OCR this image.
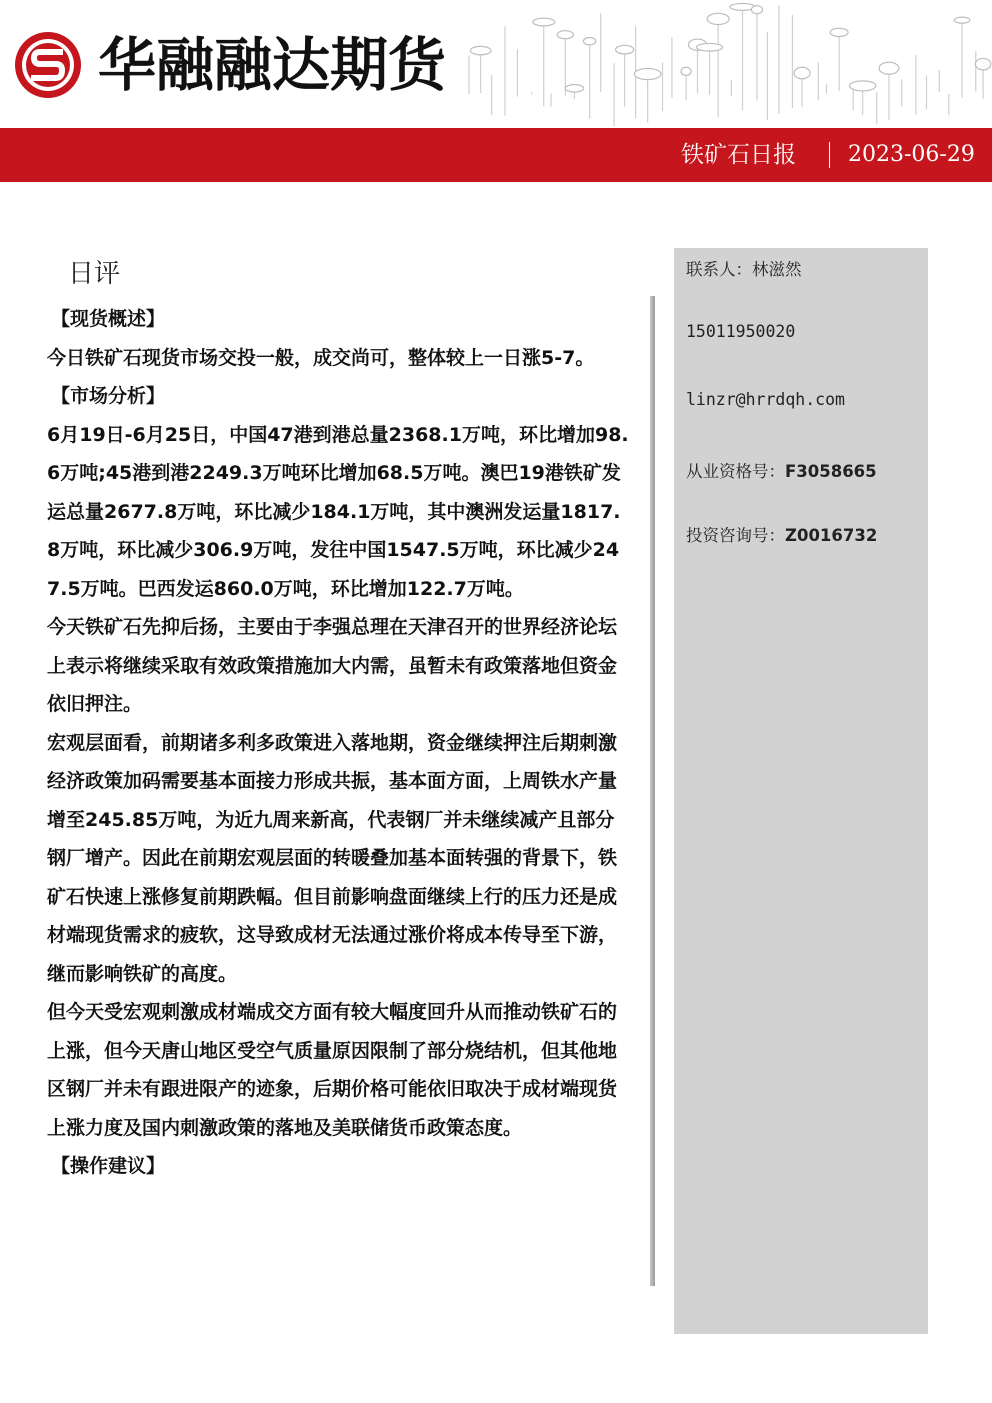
华融融达期货
铁矿石日报 2023-06-29
日评

【现货概述】

今日铁矿石现货市场交投一般，成交尚可，整体较上一日涨5-7。

【市场分析】

6月19日-6月25日，中国47港到港总量2368.1万吨，环比增加98.6万吨;45港到港2249.3万吨环比增加68.5万吨。澳巴19港铁矿发运总量2677.8万吨，环比减少184.1万吨，其中澳洲发运量1817.8万吨，环比减少306.9万吨，发往中国1547.5万吨，环比减少247.5万吨。巴西发运860.0万吨，环比增加122.7万吨。

今天铁矿石先抑后扬，主要由于李强总理在天津召开的世界经济论坛上表示将继续采取有效政策措施加大内需，虽暂未有政策落地但资金依旧押注。

宏观层面看，前期诸多利多政策进入落地期，资金继续押注后期刺激经济政策加码需要基本面接力形成共振，基本面方面，上周铁水产量增至245.85万吨，为近九周来新高，代表钢厂并未继续减产且部分钢厂增产。因此在前期宏观层面的转暖叠加基本面转强的背景下，铁矿石快速上涨修复前期跌幅。但目前影响盘面继续上行的压力还是成材端现货需求的疲软，这导致成材无法通过涨价将成本传导至下游，继而影响铁矿的高度。

但今天受宏观刺激成材端成交方面有较大幅度回升从而推动铁矿石的上涨，但今天唐山地区受空气质量原因限制了部分烧结机，但其他地区钢厂并未有跟进限产的迹象，后期价格可能依旧取决于成材端现货上涨力度及国内刺激政策的落地及美联储货币政策态度。

【操作建议】

联系人：林滋然
15011950020
linzr@hrrdqh.com
从业资格号：F3058665
投资咨询号：Z0016732
